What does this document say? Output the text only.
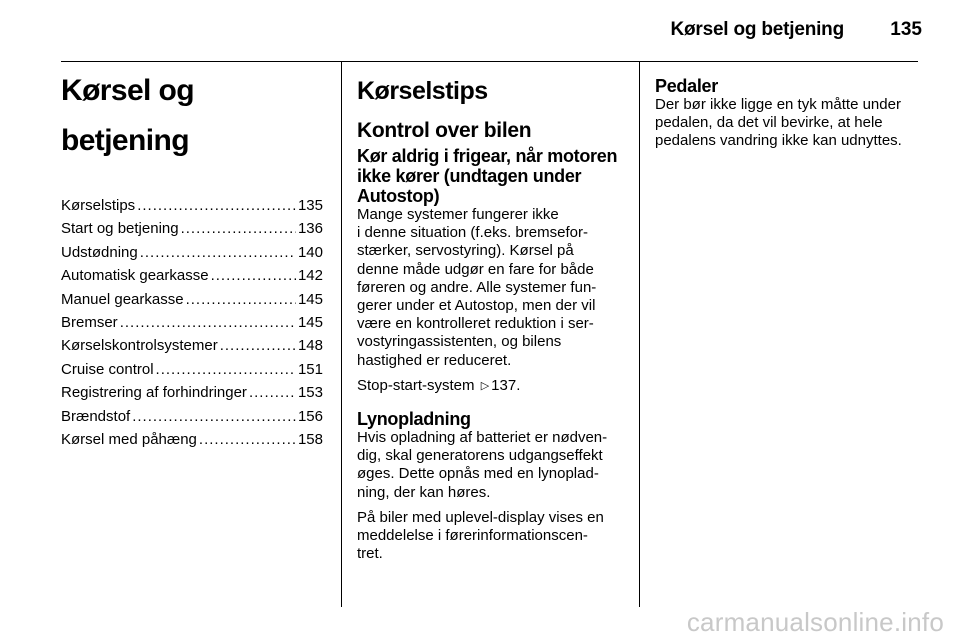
Kørsel og betjening 135
Kørsel og betjening
Kørselstips .....	135
Start og betjening .....	136
Udstødning .....	140
Automatisk gearkasse .....	142
Manuel gearkasse .....	145
Bremser .....	145
Kørselskontrolsystemer .....	148
Cruise control .....	151
Registrering af forhindringer .....	153
Brændstof .....	156
Kørsel med påhæng .....	158
Kørselstips
Kontrol over bilen
Kør aldrig i frigear, når motoren ikke kører (undtagen under Autostop)
Mange systemer fungerer ikke
i denne situation (f.eks. bremsefor-
stærker, servostyring). Kørsel på
denne måde udgør en fare for både
føreren og andre. Alle systemer fun-
gerer under et Autostop, men der vil
være en kontrolleret reduktion i ser-
vostyringassistenten, og bilens
hastighed er reduceret.
Stop-start-system ▷ 137.
Lynopladning
Hvis opladning af batteriet er nødven-
dig, skal generatorens udgangseffekt
øges. Dette opnås med en lynoplad-
ning, der kan høres.
På biler med uplevel-display vises en
meddelelse i førerinformationscen-
tret.
Pedaler
Der bør ikke ligge en tyk måtte under
pedalen, da det vil bevirke, at hele
pedalens vandring ikke kan udnyttes.
carmanualsonline.info
